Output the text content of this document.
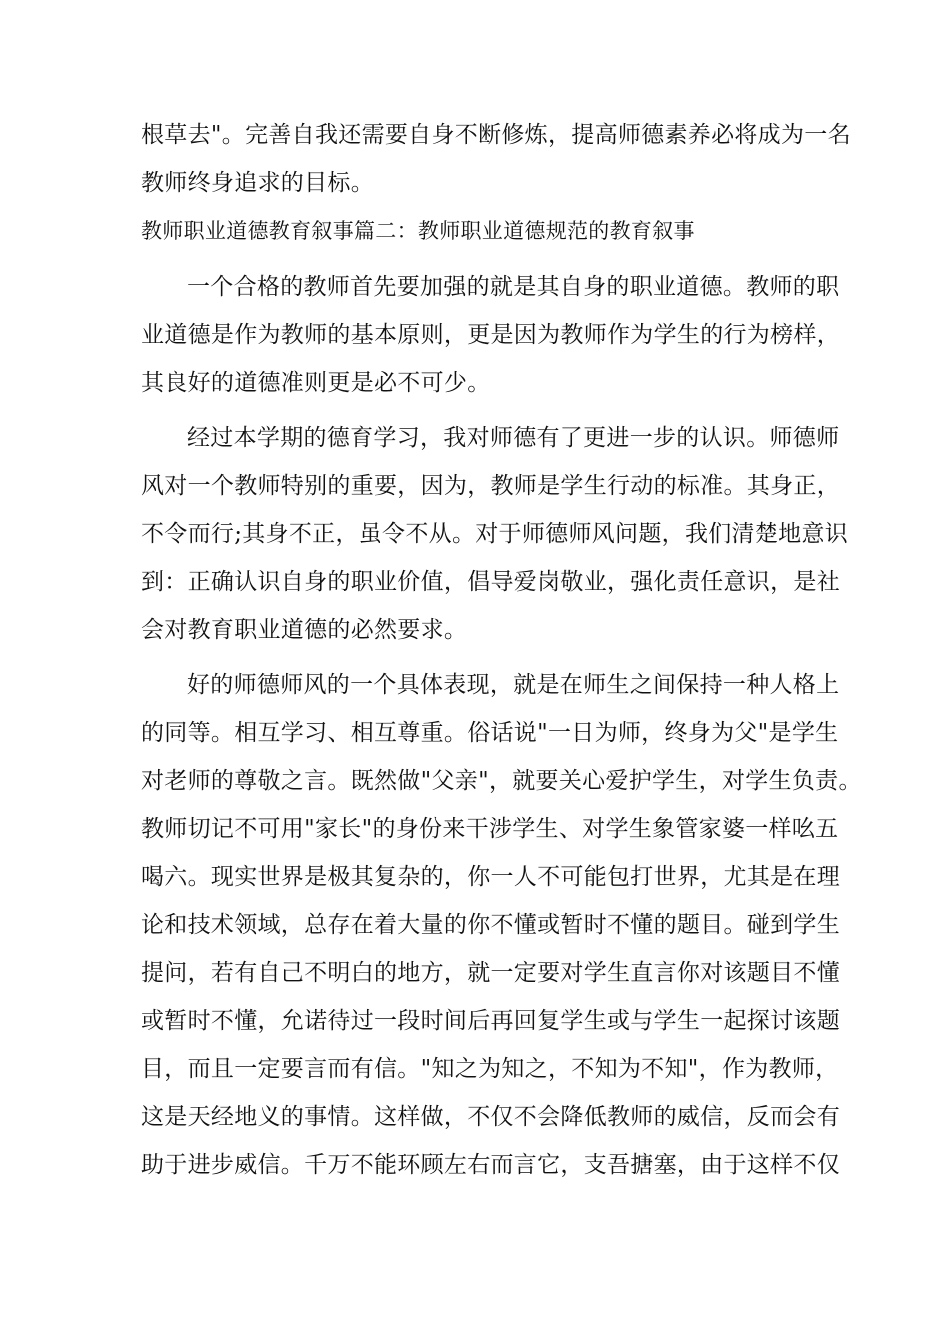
根草去"。完善自我还需要自身不断修炼，提高师德素养必将成为一名
教师终身追求的目标。
教师职业道德教育叙事篇二：教师职业道德规范的教育叙事
一个合格的教师首先要加强的就是其自身的职业道德。教师的职
业道德是作为教师的基本原则，更是因为教师作为学生的行为榜样，
其良好的道德准则更是必不可少。
经过本学期的德育学习，我对师德有了更进一步的认识。师德师
风对一个教师特别的重要，因为，教师是学生行动的标准。其身正，
不令而行;其身不正，虽令不从。对于师德师风问题，我们清楚地意识
到：正确认识自身的职业价值，倡导爱岗敬业，强化责任意识，是社
会对教育职业道德的必然要求。
好的师德师风的一个具体表现，就是在师生之间保持一种人格上
的同等。相互学习、相互尊重。俗话说"一日为师，终身为父"是学生
对老师的尊敬之言。既然做"父亲"，就要关心爱护学生，对学生负责。
教师切记不可用"家长"的身份来干涉学生、对学生象管家婆一样吆五
喝六。现实世界是极其复杂的，你一人不可能包打世界，尤其是在理
论和技术领域，总存在着大量的你不懂或暂时不懂的题目。碰到学生
提问，若有自己不明白的地方，就一定要对学生直言你对该题目不懂
或暂时不懂，允诺待过一段时间后再回复学生或与学生一起探讨该题
目，而且一定要言而有信。"知之为知之，不知为不知"，作为教师，
这是天经地义的事情。这样做，不仅不会降低教师的威信，反而会有
助于进步威信。千万不能环顾左右而言它，支吾搪塞，由于这样不仅
